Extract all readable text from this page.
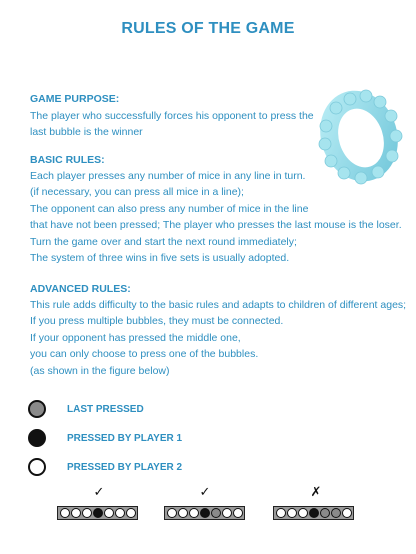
RULES OF THE GAME
GAME PURPOSE:
The player who successfully forces his opponent to press the
last bubble is the winner
BASIC RULES:
Each player presses any number of mice in any line in turn.
(if necessary, you can press all mice in a line);
The opponent can also press any number of mice in the line
that have not been pressed; The player who presses the last mouse is the loser.
Turn the game over and start the next round immediately;
The system of three wins in five sets is usually adopted.
ADVANCED RULES:
This rule adds difficulty to the basic rules and adapts to children of different ages;
If you press multiple bubbles, they must be connected.
If your opponent has pressed the middle one,
you can only choose to press one of the bubbles.
(as shown in the figure below)
LAST PRESSED
PRESSED BY PLAYER 1
PRESSED BY PLAYER 2
✓	✓	✗
